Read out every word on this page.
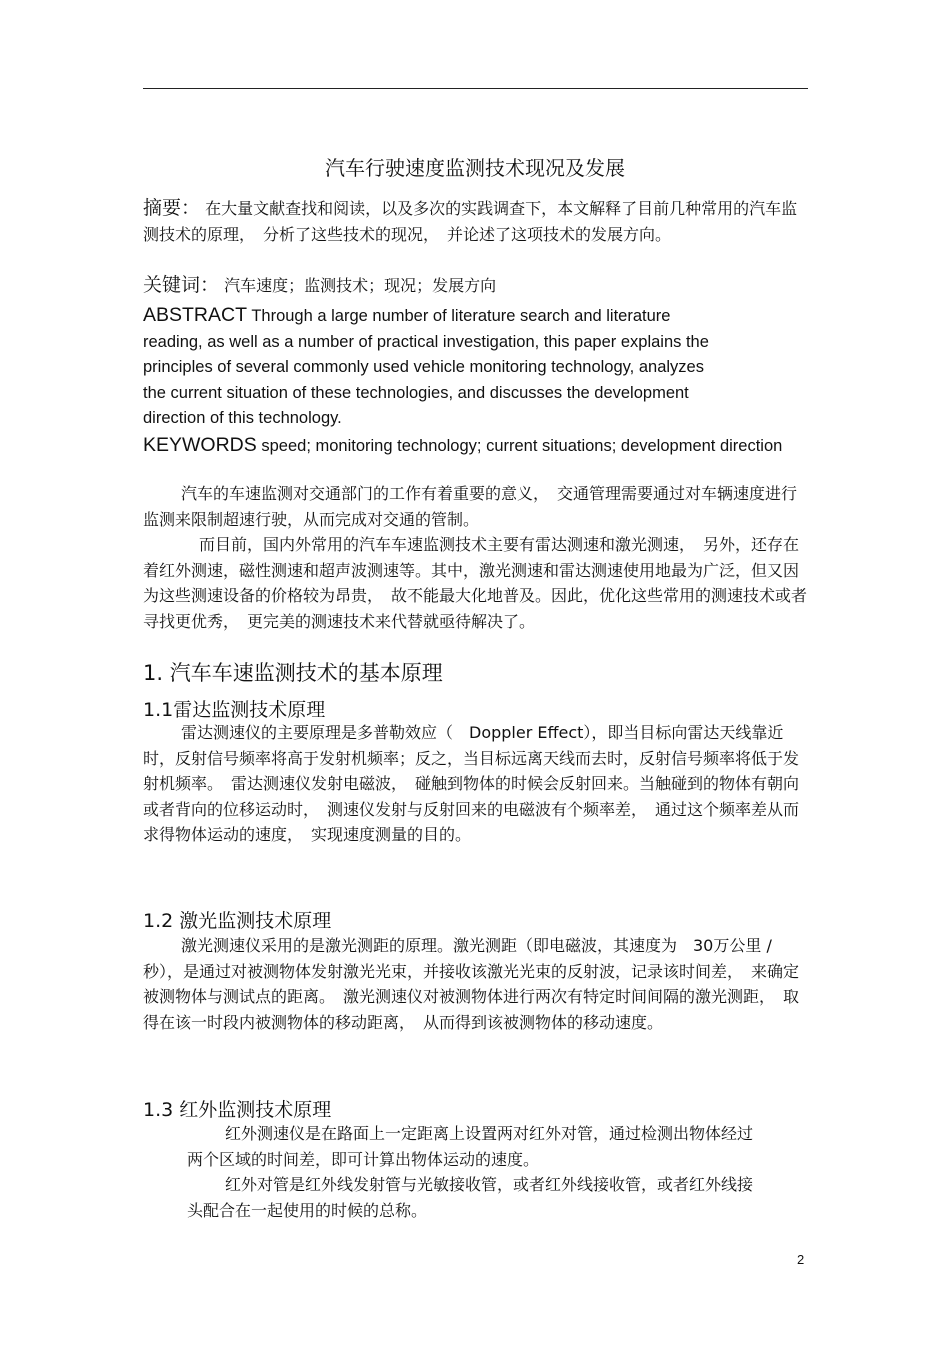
汽车行驶速度监测技术现况及发展
摘要： 在大量文献查找和阅读，以及多次的实践调查下，本文解释了目前几种常用的汽车监测技术的原理，　分析了这些技术的现况，　并论述了这项技术的发展方向。
关键词： 汽车速度；监测技术；现况；发展方向
ABSTRACT Through a large number of literature search and literature reading, as well as a number of practical investigation, this paper explains the principles of several commonly used vehicle monitoring technology, analyzes the current situation of these technologies, and discusses the development direction of this technology.
KEYWORDS speed; monitoring technology; current situations; development direction

汽车的车速监测对交通部门的工作有着重要的意义，　交通管理需要通过对车辆速度进行监测来限制超速行驶，从而完成对交通的管制。

而目前，国内外常用的汽车车速监测技术主要有雷达测速和激光测速，　另外，还存在着红外测速，磁性测速和超声波测速等。其中，激光测速和雷达测速使用地最为广泛，但又因为这些测速设备的价格较为昂贵，　故不能最大化地普及。因此，优化这些常用的测速技术或者寻找更优秀，　更完美的测速技术来代替就亟待解决了。

1. 汽车车速监测技术的基本原理
1.1雷达监测技术原理

雷达测速仪的主要原理是多普勒效应（　Doppler Effect），即当目标向雷达天线靠近时，反射信号频率将高于发射机频率；反之，当目标远离天线而去时，反射信号频率将低于发射机频率。　雷达测速仪发射电磁波，　碰触到物体的时候会反射回来。当触碰到的物体有朝向或者背向的位移运动时，　测速仪发射与反射回来的电磁波有个频率差，　通过这个频率差从而求得物体运动的速度，　实现速度测量的目的。

1.2 激光监测技术原理

激光测速仪采用的是激光测距的原理。激光测距（即电磁波，其速度为　30万公里 /秒），是通过对被测物体发射激光光束，并接收该激光光束的反射波，记录该时间差，　来确定被测物体与测试点的距离。　激光测速仪对被测物体进行两次有特定时间间隔的激光测距，　取得在该一时段内被测物体的移动距离，　从而得到该被测物体的移动速度。

1.3 红外监测技术原理

红外测速仪是在路面上一定距离上设置两对红外对管，通过检测出物体经过两个区域的时间差，即可计算出物体运动的速度。

红外对管是红外线发射管与光敏接收管，或者红外线接收管，或者红外线接头配合在一起使用的时候的总称。

2
